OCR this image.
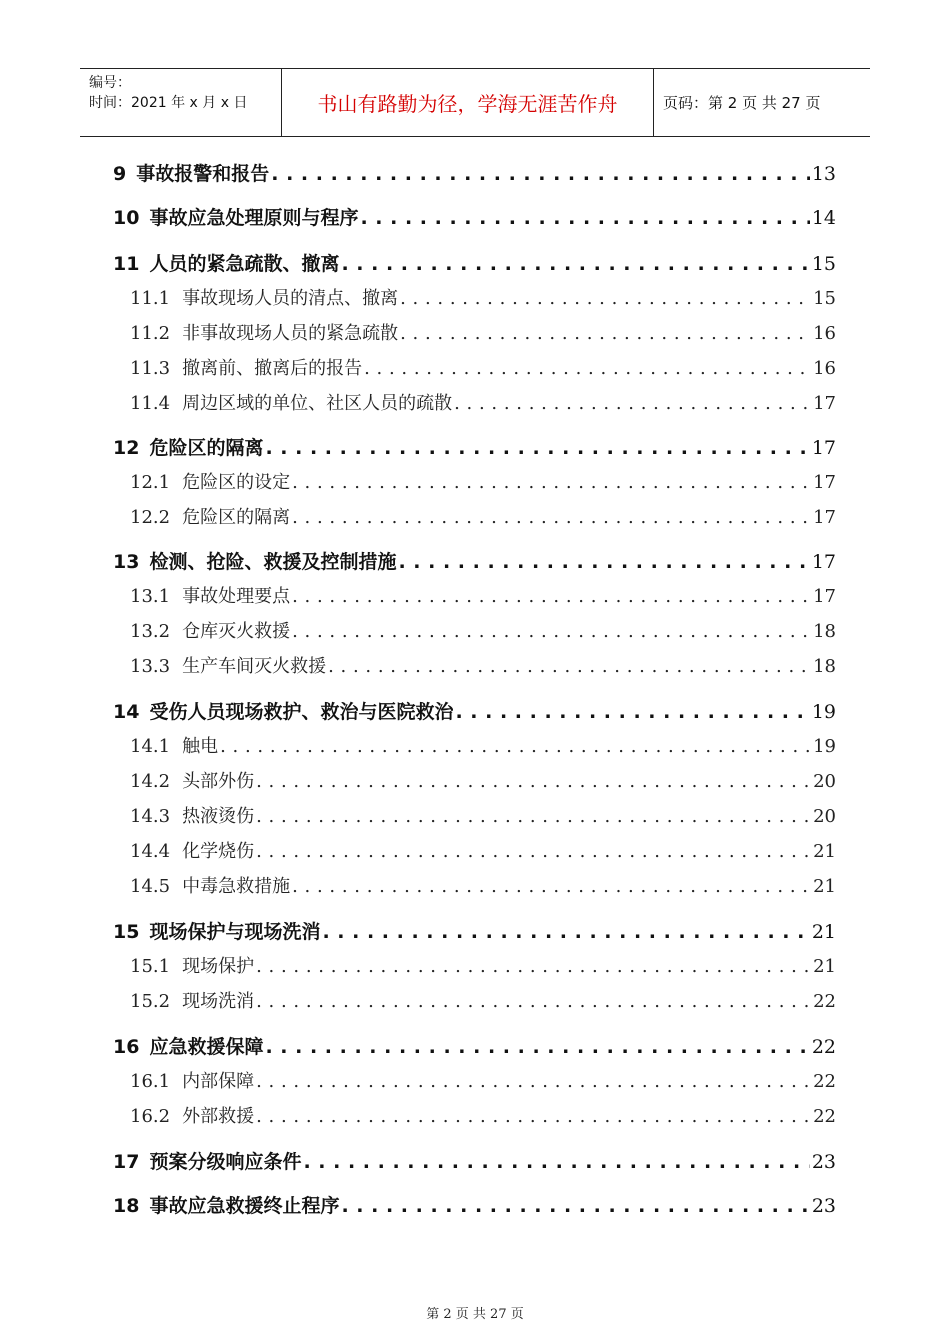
编号：
时间：2021 年 x 月 x 日	书山有路勤为径，学海无涯苦作舟	页码：第 2 页 共 27 页
9 事故报警和报告 . . .	13
10 事故应急处理原则与程序 . . .	14
11 人员的紧急疏散、撤离 . . .	15
11.1 事故现场人员的清点、撤离 . . .	15
11.2 非事故现场人员的紧急疏散 . . .	16
11.3 撤离前、撤离后的报告 . . .	16
11.4 周边区域的单位、社区人员的疏散 . . .	17
12 危险区的隔离 . . .	17
12.1 危险区的设定 . . .	17
12.2 危险区的隔离 . . .	17
13 检测、抢险、救援及控制措施 . . .	17
13.1 事故处理要点 . . .	17
13.2 仓库灭火救援 . . .	18
13.3 生产车间灭火救援 . . .	18
14 受伤人员现场救护、救治与医院救治 . . .	19
14.1 触电 . . .	19
14.2 头部外伤 . . .	20
14.3 热液烫伤 . . .	20
14.4 化学烧伤 . . .	21
14.5 中毒急救措施 . . .	21
15 现场保护与现场洗消 . . .	21
15.1 现场保护 . . .	21
15.2 现场洗消 . . .	22
16 应急救援保障 . . .	22
16.1 内部保障 . . .	22
16.2 外部救援 . . .	22
17 预案分级响应条件 . . .	23
18 事故应急救援终止程序 . . .	23
第 2 页 共 27 页
